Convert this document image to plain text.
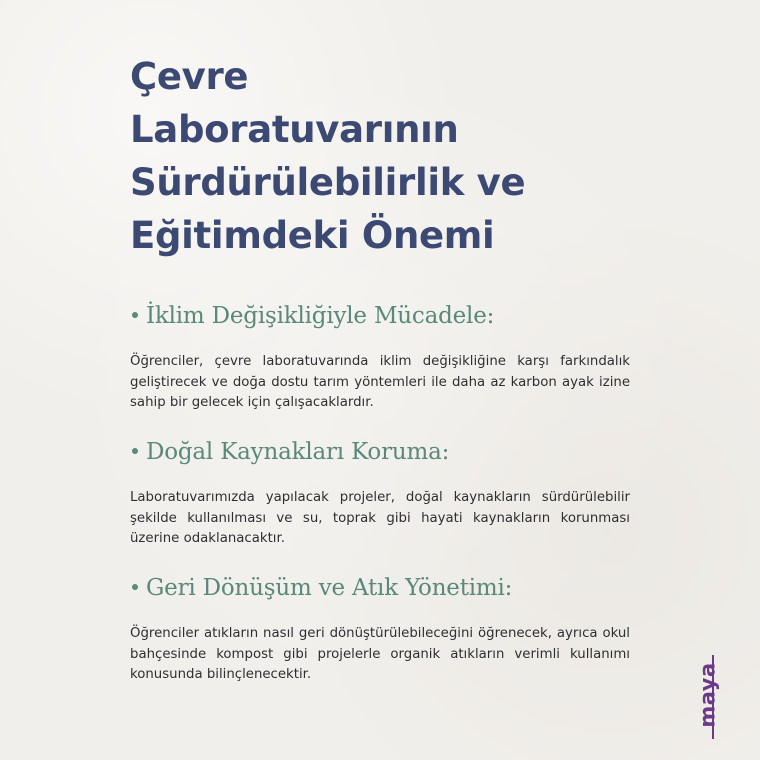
Çevre
Laboratuvarının
Sürdürülebilirlik ve
Eğitimdeki Önemi
İklim Değişikliğiyle Mücadele:

Öğrenciler, çevre laboratuvarında iklim değişikliğine karşı farkındalık geliştirecek ve doğa dostu tarım yöntemleri ile daha az karbon ayak izine sahip bir gelecek için çalışacaklardır.

Doğal Kaynakları Koruma:

Laboratuvarımızda yapılacak projeler, doğal kaynakların sürdürülebilir şekilde kullanılması ve su, toprak gibi hayati kaynakların korunması üzerine odaklanacaktır.

Geri Dönüşüm ve Atık Yönetimi:

Öğrenciler atıkların nasıl geri dönüştürülebileceğini öğrenecek, ayrıca okul bahçesinde kompost gibi projelerle organik atıkların verimli kullanımı konusunda bilinçlenecektir.	maya
